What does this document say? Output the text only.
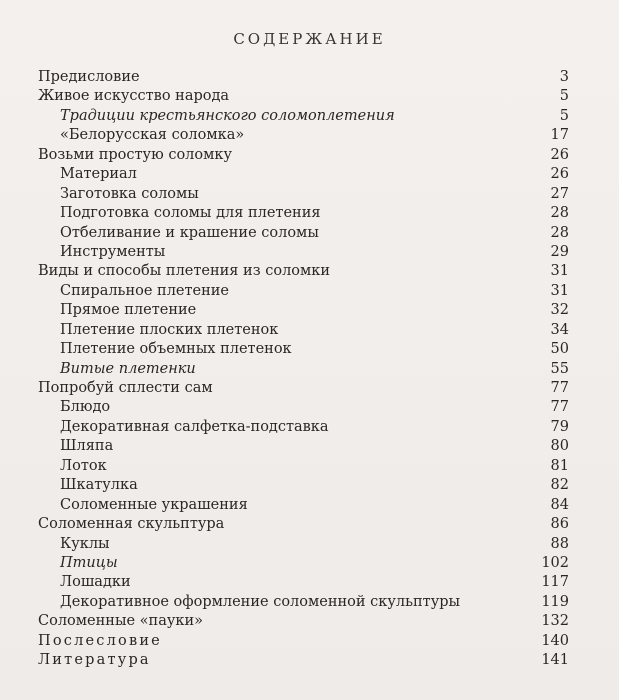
СОДЕРЖАНИЕ
Предисловие	3
Живое искусство народа	5
Традиции крестьянского соломоплетения	5
«Белорусская соломка»	17
Возьми простую соломку	26
Материал	26
Заготовка соломы	27
Подготовка соломы для плетения	28
Отбеливание и крашение соломы	28
Инструменты	29
Виды и способы плетения из соломки	31
Спиральное плетение	31
Прямое плетение	32
Плетение плоских плетенок	34
Плетение объемных плетенок	50
Витые плетенки	55
Попробуй сплести сам	77
Блюдо	77
Декоративная салфетка-подставка	79
Шляпа	80
Лоток	81
Шкатулка	82
Соломенные украшения	84
Соломенная скульптура	86
Куклы	88
Птицы	102
Лошадки	117
Декоративное оформление соломенной скульптуры	119
Соломенные «пауки»	132
Послесловие	140
Литература	141
